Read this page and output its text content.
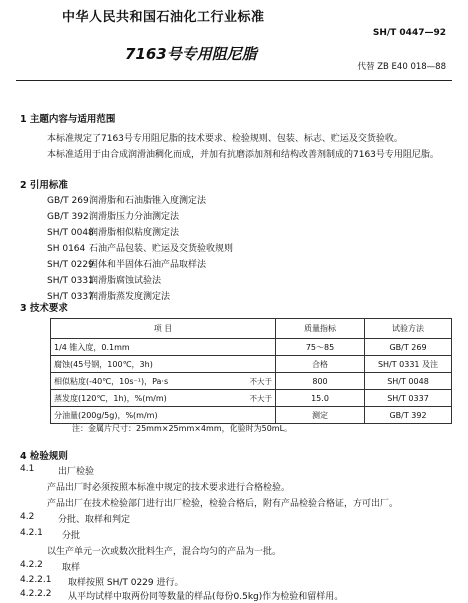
中华人民共和国石油化工行业标准
SH/T 0447—92
7163号专用阻尼脂
代替 ZB E40 018—88
1 主题内容与适用范围
本标准规定了7163号专用阻尼脂的技术要求、检验规则、包装、标志、贮运及交货验收。
本标准适用于由合成润滑油稠化而成，并加有抗磨添加剂和结构改善剂制成的7163号专用阻尼脂。
2 引用标准
GB/T 269润滑脂和石油脂锥入度测定法
GB/T 392润滑脂压力分油测定法
SH/T 0048润滑脂相似粘度测定法
SH 0164 石油产品包装、贮运及交货验收规则
SH/T 0229固体和半固体石油产品取样法
SH/T 0331润滑脂腐蚀试验法
SH/T 0337润滑脂蒸发度测定法
3 技术要求
项 目	质量指标	试验方法
1/4 锥入度，0.1mm	75～85	GB/T 269
腐蚀(45号钢，100℃，3h)	合格	SH/T 0331 及注
相似粘度(-40℃，10s⁻¹)，Pa·s 不大于	800	SH/T 0048
蒸发度(120℃，1h)，%(m/m) 不大于	15.0	SH/T 0337
分油量(200g/5g)，%(m/m)	测定	GB/T 392
注：金属片尺寸：25mm×25mm×4mm，化验时为50mL。
4 检验规则
4.1	出厂检验
产品出厂时必须按照本标准中规定的技术要求进行合格检验。
产品出厂在技术检验部门进行出厂检验，检验合格后，附有产品检验合格证，方可出厂。
4.2	分批、取样和判定
4.2.1 分批
以生产单元一次或数次批料生产，混合均匀的产品为一批。
4.2.2 取样
4.2.2.1 取样按照 SH/T 0229 进行。
4.2.2.2 从平均试样中取两份同等数量的样品(每份0.5kg)作为检验和留样用。
